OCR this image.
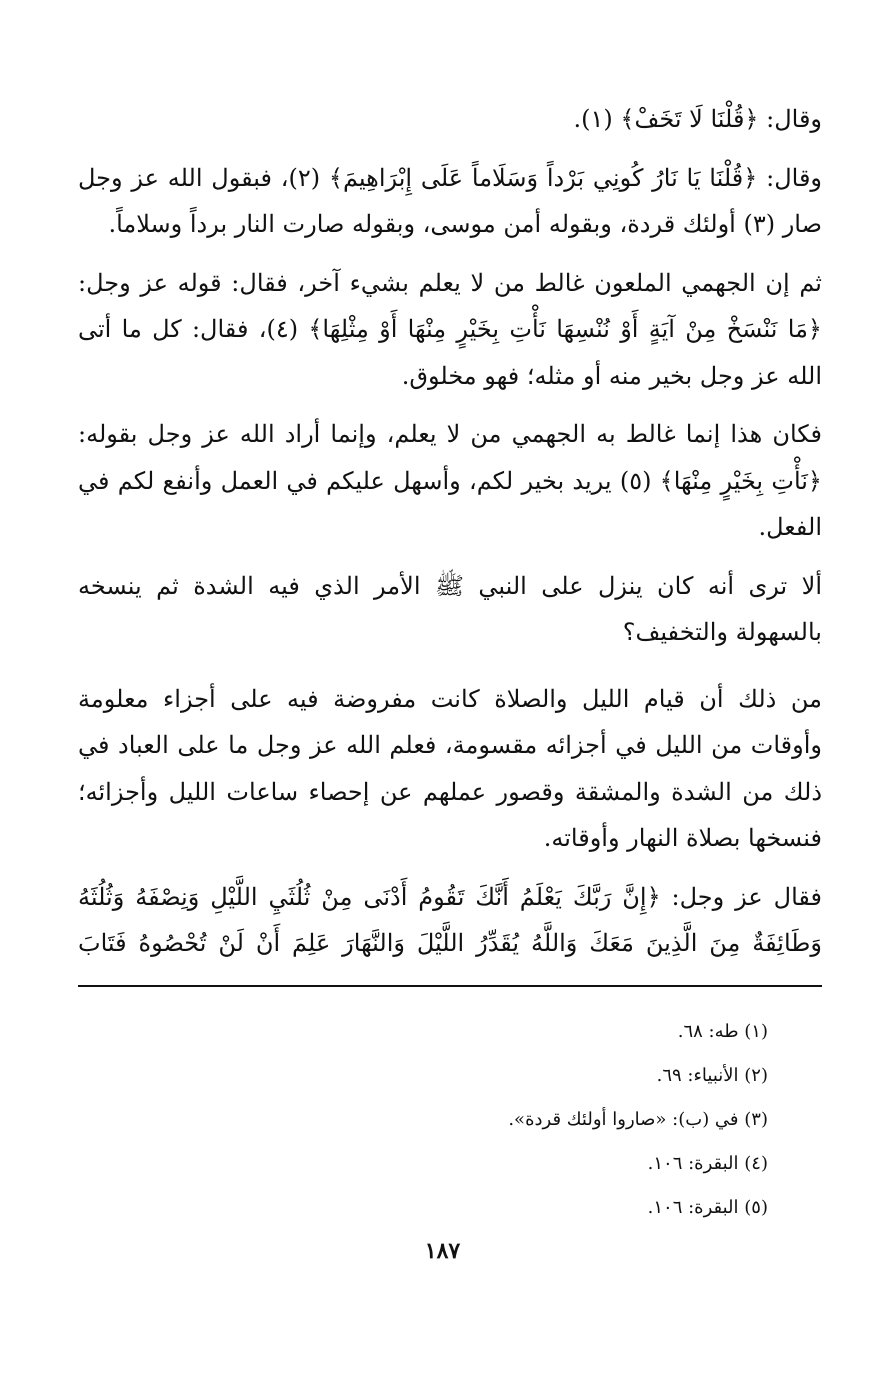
وقال: ﴿قُلْنَا لَا تَخَفْ﴾ (١).

وقال: ﴿قُلْنَا يَا نَارُ كُونِي بَرْداً وَسَلَاماً عَلَى إِبْرَاهِيمَ﴾ (٢)، فبقول الله عز وجل صار (٣) أولئك قردة، وبقوله أمن موسى، وبقوله صارت النار برداً وسلاماً.

ثم إن الجهمي الملعون غالط من لا يعلم بشيء آخر، فقال: قوله عز وجل: ﴿مَا نَنْسَخْ مِنْ آيَةٍ أَوْ نُنْسِهَا نَأْتِ بِخَيْرٍ مِنْهَا أَوْ مِثْلِهَا﴾ (٤)، فقال: كل ما أتى الله عز وجل بخير منه أو مثله؛ فهو مخلوق.

فكان هذا إنما غالط به الجهمي من لا يعلم، وإنما أراد الله عز وجل بقوله: ﴿نَأْتِ بِخَيْرٍ مِنْهَا﴾ (٥) يريد بخير لكم، وأسهل عليكم في العمل وأنفع لكم في الفعل.

ألا ترى أنه كان ينزل على النبي ﷺ الأمر الذي فيه الشدة ثم ينسخه بالسهولة والتخفيف؟

من ذلك أن قيام الليل والصلاة كانت مفروضة فيه على أجزاء معلومة وأوقات من الليل في أجزائه مقسومة، فعلم الله عز وجل ما على العباد في ذلك من الشدة والمشقة وقصور عملهم عن إحصاء ساعات الليل وأجزائه؛ فنسخها بصلاة النهار وأوقاته.

فقال عز وجل: ﴿إِنَّ رَبَّكَ يَعْلَمُ أَنَّكَ تَقُومُ أَدْنَى مِنْ ثُلُثَيِ اللَّيْلِ وَنِصْفَهُ وَثُلُثَهُ وَطَائِفَةٌ مِنَ الَّذِينَ مَعَكَ وَاللَّهُ يُقَدِّرُ اللَّيْلَ وَالنَّهَارَ عَلِمَ أَنْ لَنْ تُحْصُوهُ فَتَابَ

(١) طه: ٦٨.
(٢) الأنبياء: ٦٩.
(٣) في (ب): «صاروا أولئك قردة».
(٤) البقرة: ١٠٦.
(٥) البقرة: ١٠٦.
١٨٧
